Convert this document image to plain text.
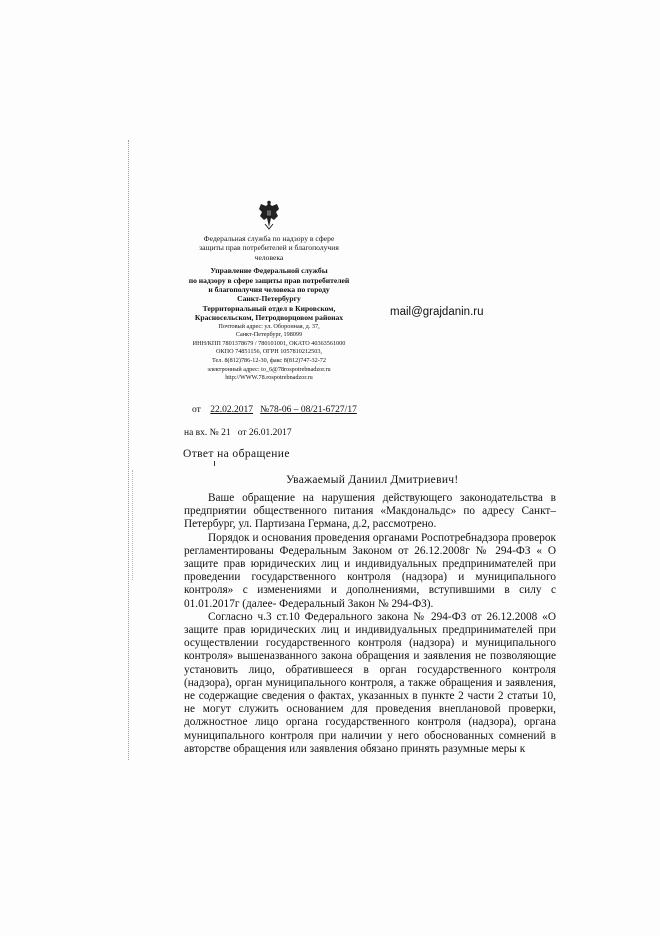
Федеральная служба по надзору в сфере
защиты прав потребителей и благополучия
человека
Управление Федеральной службы
по надзору в сфере защиты прав потребителей
и благополучия человека по городу
Санкт-Петербургу
Территориальный отдел в Кировском,
Красносельском, Петродворцовом районах
Почтовый адрес: ул. Оборонная, д. 37,
Санкт-Петербург, 198099
ИНН/КПП 7801378679 / 780101001, ОКАТО 40363561000
ОКПО 74851156, ОГРН 1057810212503,
Тел. 8(812)786-12-30, факс 8(812)747-32-72
электронный адрес: to_6@78rospotrebnadzor.ru
http://WWW.78.rospotrebnadzor.ru
mail@grajdanin.ru
от 22.02.2017 №78-06 – 08/21-6727/17
на вх. № 21 от 26.01.2017
Ответ на обращение
Уважаемый Даниил Дмитриевич!

Ваше обращение на нарушения действующего законодательства в предприятии общественного питания «Макдональдс» по адресу Санкт–Петербург, ул. Партизана Германа, д.2, рассмотрено.

Порядок и основания проведения органами Роспотребнадзора проверок регламентированы Федеральным Законом от 26.12.2008г № 294-ФЗ « О защите прав юридических лиц и индивидуальных предпринимателей при проведении государственного контроля (надзора) и муниципального контроля» с изменениями и дополнениями, вступившими в силу с 01.01.2017г (далее- Федеральный Закон № 294-ФЗ).

Согласно ч.3 ст.10 Федерального закона № 294-ФЗ от 26.12.2008 «О защите прав юридических лиц и индивидуальных предпринимателей при осуществлении государственного контроля (надзора) и муниципального контроля» вышеназванного закона обращения и заявления не позволяющие установить лицо, обратившееся в орган государственного контроля (надзора), орган муниципального контроля, а также обращения и заявления, не содержащие сведения о фактах, указанных в пункте 2 части 2 статьи 10, не могут служить основанием для проведения внеплановой проверки, должностное лицо органа государственного контроля (надзора), органа муниципального контроля при наличии у него обоснованных сомнений в авторстве обращения или заявления обязано принять разумные меры к
